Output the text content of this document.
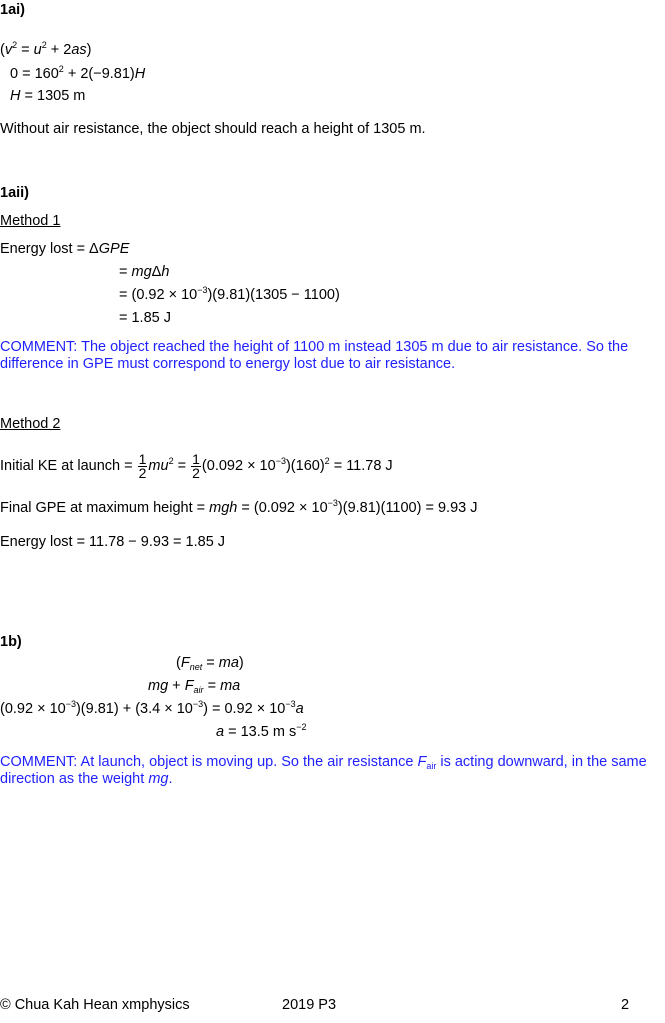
1ai)
$(v^2 = u^2 + 2as)$
$0 = 160^2 + 2(-9.81)H$
H = 1305 m
Without air resistance, the object should reach a height of 1305 m.
1aii)
Method 1
Energy lost = ΔGPE
= mgΔh
= $(0.92 \times 10^{-3})(9.81)(1305 - 1100)$
= 1.85 J
COMMENT: The object reached the height of 1100 m instead 1305 m due to air resistance. So the difference in GPE must correspond to energy lost due to air resistance.
Method 2
Initial KE at launch = $\frac{1}{2} mu^2 = \frac{1}{2} (0.092 \times 10^{-3})(160)^2 = 11.78$ J
Final GPE at maximum height = mgh = $(0.092 \times 10^{-3})(9.81)(1100) = 9.93$ J
Energy lost = 11.78 − 9.93 = 1.85 J
1b)
$(F_{net} = ma)$
mg + $F_{air}$ = ma
$(0.92 \times 10^{-3})(9.81) + (3.4 \times 10^{-3}) = 0.92 \times 10^{-3}a$
a = 13.5 m $s^{-2}$
COMMENT: At launch, object is moving up. So the air resistance $F_{air}$ is acting downward, in the same direction as the weight mg.
© Chua Kah Hean xmphysics	2019 P3	2
